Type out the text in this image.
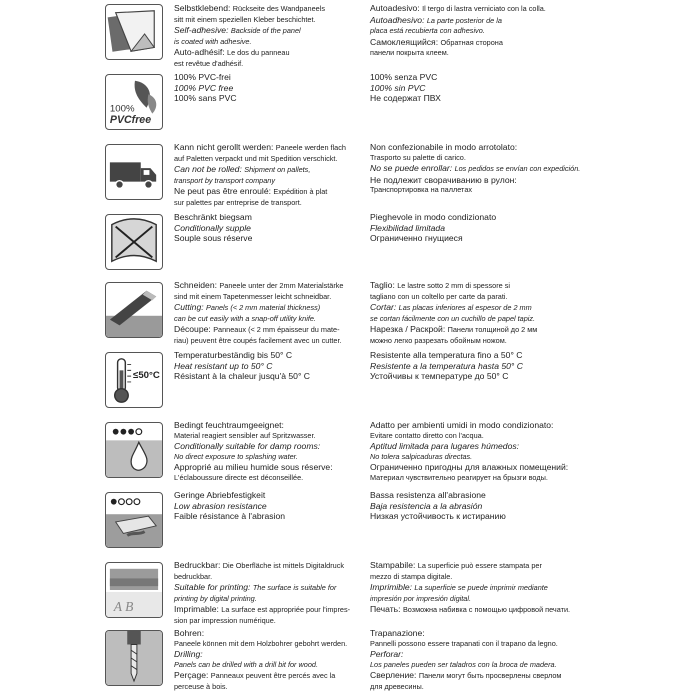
Selbstklebend: Rückseite des Wandpaneels
sitt mit einem speziellen Kleber beschichtet.
Self-adhesive: Backside of the panel
is coated with adhesive.
Auto-adhésif: Le dos du panneau
est revêtue d'adhésif.
Autoadesivo: Il tergo di lastra verniciato con la colla.
Autoadhesivo: La parte posterior de la
placa está recubierta con adhesivo.
Самоклеящийся: Обратная сторона
панели покрыта клеем.
100%
PVCfree
100% PVC-frei
100% PVC free
100% sans PVC
100% senza PVC
100% sin PVC
Не содержат ПВХ
Kann nicht gerollt werden: Paneele werden flach
auf Paletten verpackt und mit Spedition verschickt.
Can not be rolled: Shipment on pallets,
transport by transport company
Ne peut pas être enroulé: Expédition à plat
sur palettes par entreprise de transport.
Non confezionabile in modo arrotolato:
Trasporto su palette di carico.
No se puede enrollar: Los pedidos se envían con expedición.
Не подлежит сворачиванию в рулон:
Транспортировка на паллетах
Beschränkt biegsam
Conditionally supple
Souple sous réserve
Pieghevole in modo condizionato
Flexibilidad limitada
Ограниченно гнущиеся
Schneiden: Paneele unter der 2mm Materialstärke
sind mit einem Tapetenmesser leicht schneidbar.
Cutting: Panels (< 2 mm material thickness)
can be cut easily with a snap-off utility knife.
Découpe: Panneaux (< 2 mm épaisseur du mate-
riau) peuvent être coupés facilement avec un cutter.
Taglio: Le lastre sotto 2 mm di spessore si
tagliano con un coltello per carte da parati.
Cortar: Las placas inferiores al espesor de 2 mm
se cortan fácilmente con un cuchillo de papel tapiz.
Нарезка / Раскрой: Панели толщиной до 2 мм
можно легко разрезать обойным ножом.
≤50°C
Temperaturbeständig bis 50° C
Heat resistant up to 50° C
Résistant à la chaleur jusqu'à 50° C
Resistente alla temperatura fino a 50° C
Resistente a la temperatura hasta 50° C
Устойчивы к температуре до 50° C
Bedingt feuchtraumgeeignet:
Material reagiert sensibler auf Spritzwasser.
Conditionally suitable for damp rooms:
No direct exposure to splashing water.
Approprié au milieu humide sous réserve:
L'éclaboussure directe est déconseillée.
Adatto per ambienti umidi in modo condizionato:
Evitare contatto diretto con l'acqua.
Aptitud limitada para lugares húmedos:
No tolera salpicaduras directas.
Ограниченно пригодны для влажных помещений:
Материал чувствительно реагирует на брызги воды.
Geringe Abriebfestigkeit
Low abrasion resistance
Faible résistance à l'abrasion
Bassa resistenza all'abrasione
Baja resistencia a la abrasión
Низкая устойчивость к истиранию
A B
Bedruckbar: Die Oberfläche ist mittels Digitaldruck
bedruckbar.
Suitable for printing: The surface is suitable for
printing by digital printing.
Imprimable: La surface est appropriée pour l'impres-
sion par impression numérique.
Stampabile: La superficie può essere stampata per
mezzo di stampa digitale.
Imprimible: La superficie se puede imprimir mediante
impresión por impresión digital.
Печать: Возможна набивка с помощью цифровой печати.
Bohren:
Paneele können mit dem Holzbohrer gebohrt werden.
Drilling:
Panels can be drilled with a drill bit for wood.
Perçage: Panneaux peuvent être percés avec la
perceuse à bois.
Trapanazione:
Pannelli possono essere trapanati con il trapano da legno.
Perforar:
Los paneles pueden ser taladros con la broca de madera.
Сверление: Панели могут быть просверлены сверлом
для древесины.
